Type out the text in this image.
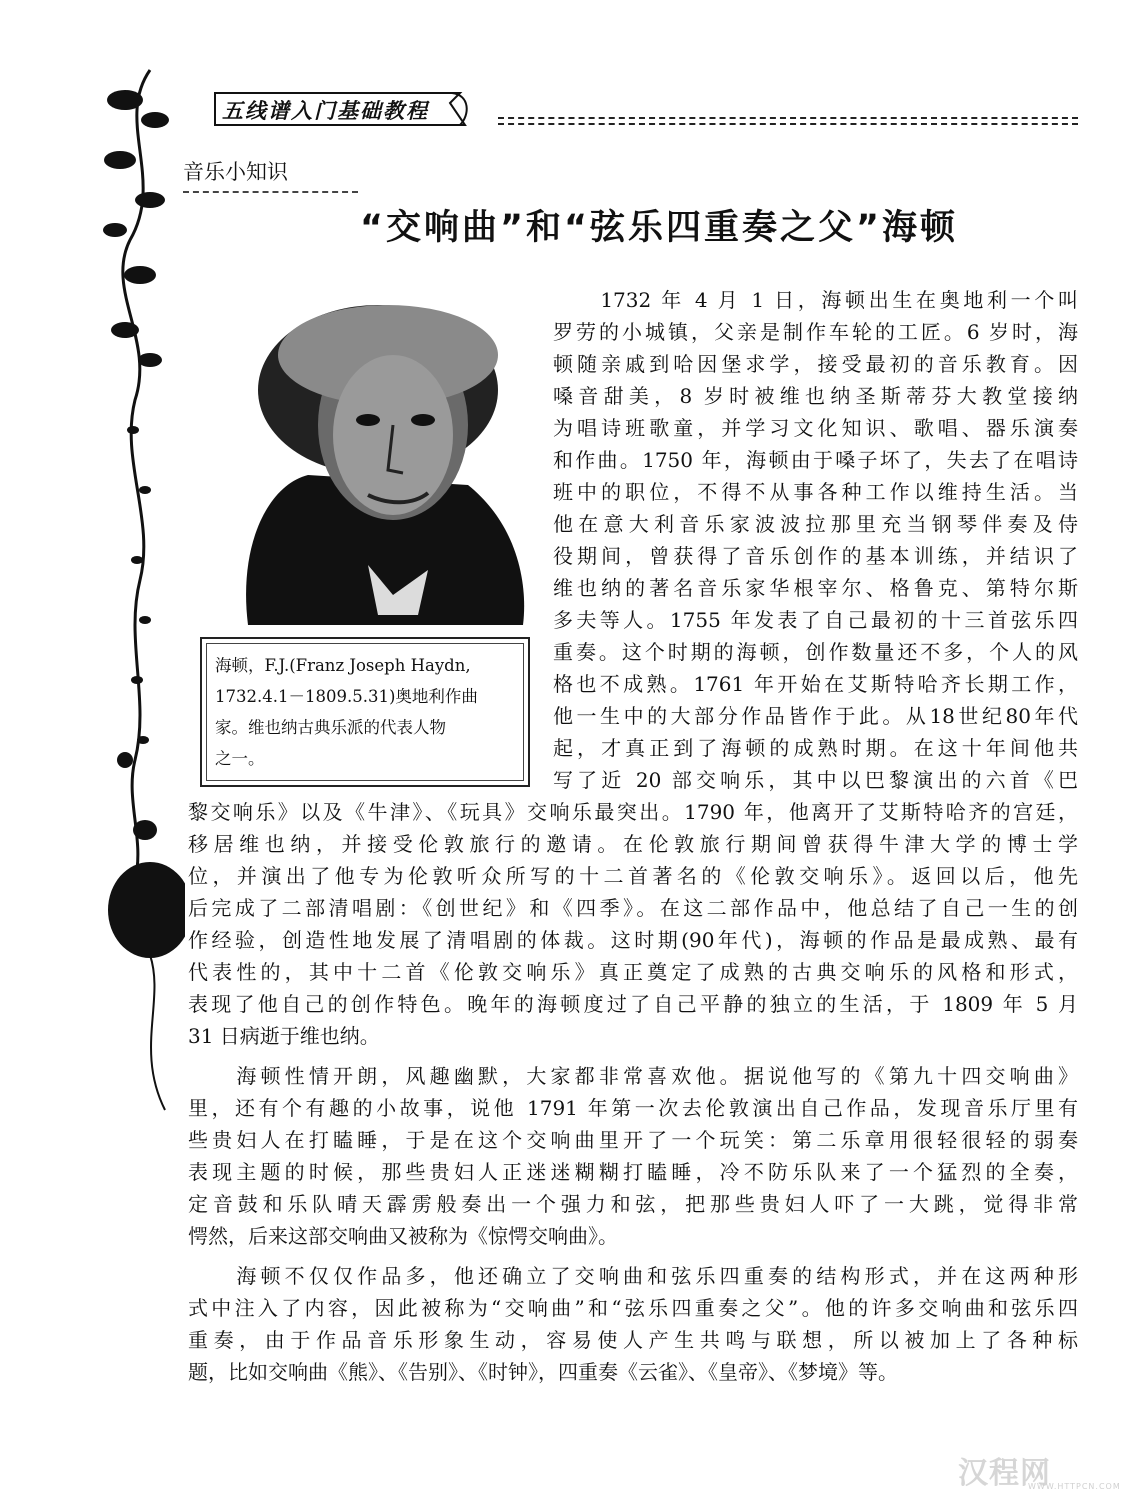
五线谱入门基础教程
音乐小知识
“交响曲”和“弦乐四重奏之父”海顿
海顿，F.J.(Franz Joseph Haydn,
1732.4.1－1809.5.31)奥地利作曲
家。维也纳古典乐派的代表人物
之一。
　　1732 年 4 月 1 日，海顿出生在奥地利一个叫
罗劳的小城镇，父亲是制作车轮的工匠。6 岁时，海
顿随亲戚到哈因堡求学，接受最初的音乐教育。因
嗓音甜美，8 岁时被维也纳圣斯蒂芬大教堂接纳
为唱诗班歌童，并学习文化知识、歌唱、器乐演奏
和作曲。1750 年，海顿由于嗓子坏了，失去了在唱诗
班中的职位，不得不从事各种工作以维持生活。当
他在意大利音乐家波波拉那里充当钢琴伴奏及侍
役期间，曾获得了音乐创作的基本训练，并结识了
维也纳的著名音乐家华根宰尔、格鲁克、第特尔斯
多夫等人。1755 年发表了自己最初的十三首弦乐四
重奏。这个时期的海顿，创作数量还不多，个人的风
格也不成熟。1761 年开始在艾斯特哈齐长期工作，
他一生中的大部分作品皆作于此。从18世纪80年代
起，才真正到了海顿的成熟时期。在这十年间他共
写了近 20 部交响乐，其中以巴黎演出的六首《巴
黎交响乐》以及《牛津》、《玩具》交响乐最突出。1790 年，他离开了艾斯特哈齐的宫廷，
移居维也纳，并接受伦敦旅行的邀请。在伦敦旅行期间曾获得牛津大学的博士学
位，并演出了他专为伦敦听众所写的十二首著名的《伦敦交响乐》。返回以后，他先
后完成了二部清唱剧：《创世纪》和《四季》。在这二部作品中，他总结了自己一生的创
作经验，创造性地发展了清唱剧的体裁。这时期(90年代)，海顿的作品是最成熟、最有
代表性的，其中十二首《伦敦交响乐》真正奠定了成熟的古典交响乐的风格和形式，
表现了他自己的创作特色。晚年的海顿度过了自己平静的独立的生活，于 1809 年 5 月
31 日病逝于维也纳。
　　海顿性情开朗，风趣幽默，大家都非常喜欢他。据说他写的《第九十四交响曲》
里，还有个有趣的小故事，说他 1791 年第一次去伦敦演出自己作品，发现音乐厅里有
些贵妇人在打瞌睡，于是在这个交响曲里开了一个玩笑：第二乐章用很轻很轻的弱奏
表现主题的时候，那些贵妇人正迷迷糊糊打瞌睡，冷不防乐队来了一个猛烈的全奏，
定音鼓和乐队晴天霹雳般奏出一个强力和弦，把那些贵妇人吓了一大跳，觉得非常
愕然，后来这部交响曲又被称为《惊愕交响曲》。
　　海顿不仅仅作品多，他还确立了交响曲和弦乐四重奏的结构形式，并在这两种形
式中注入了内容，因此被称为“交响曲”和“弦乐四重奏之父”。他的许多交响曲和弦乐四
重奏，由于作品音乐形象生动，容易使人产生共鸣与联想，所以被加上了各种标
题，比如交响曲《熊》、《告别》、《时钟》，四重奏《云雀》、《皇帝》、《梦境》等。
汉程网
WWW.HTTPCN.COM
